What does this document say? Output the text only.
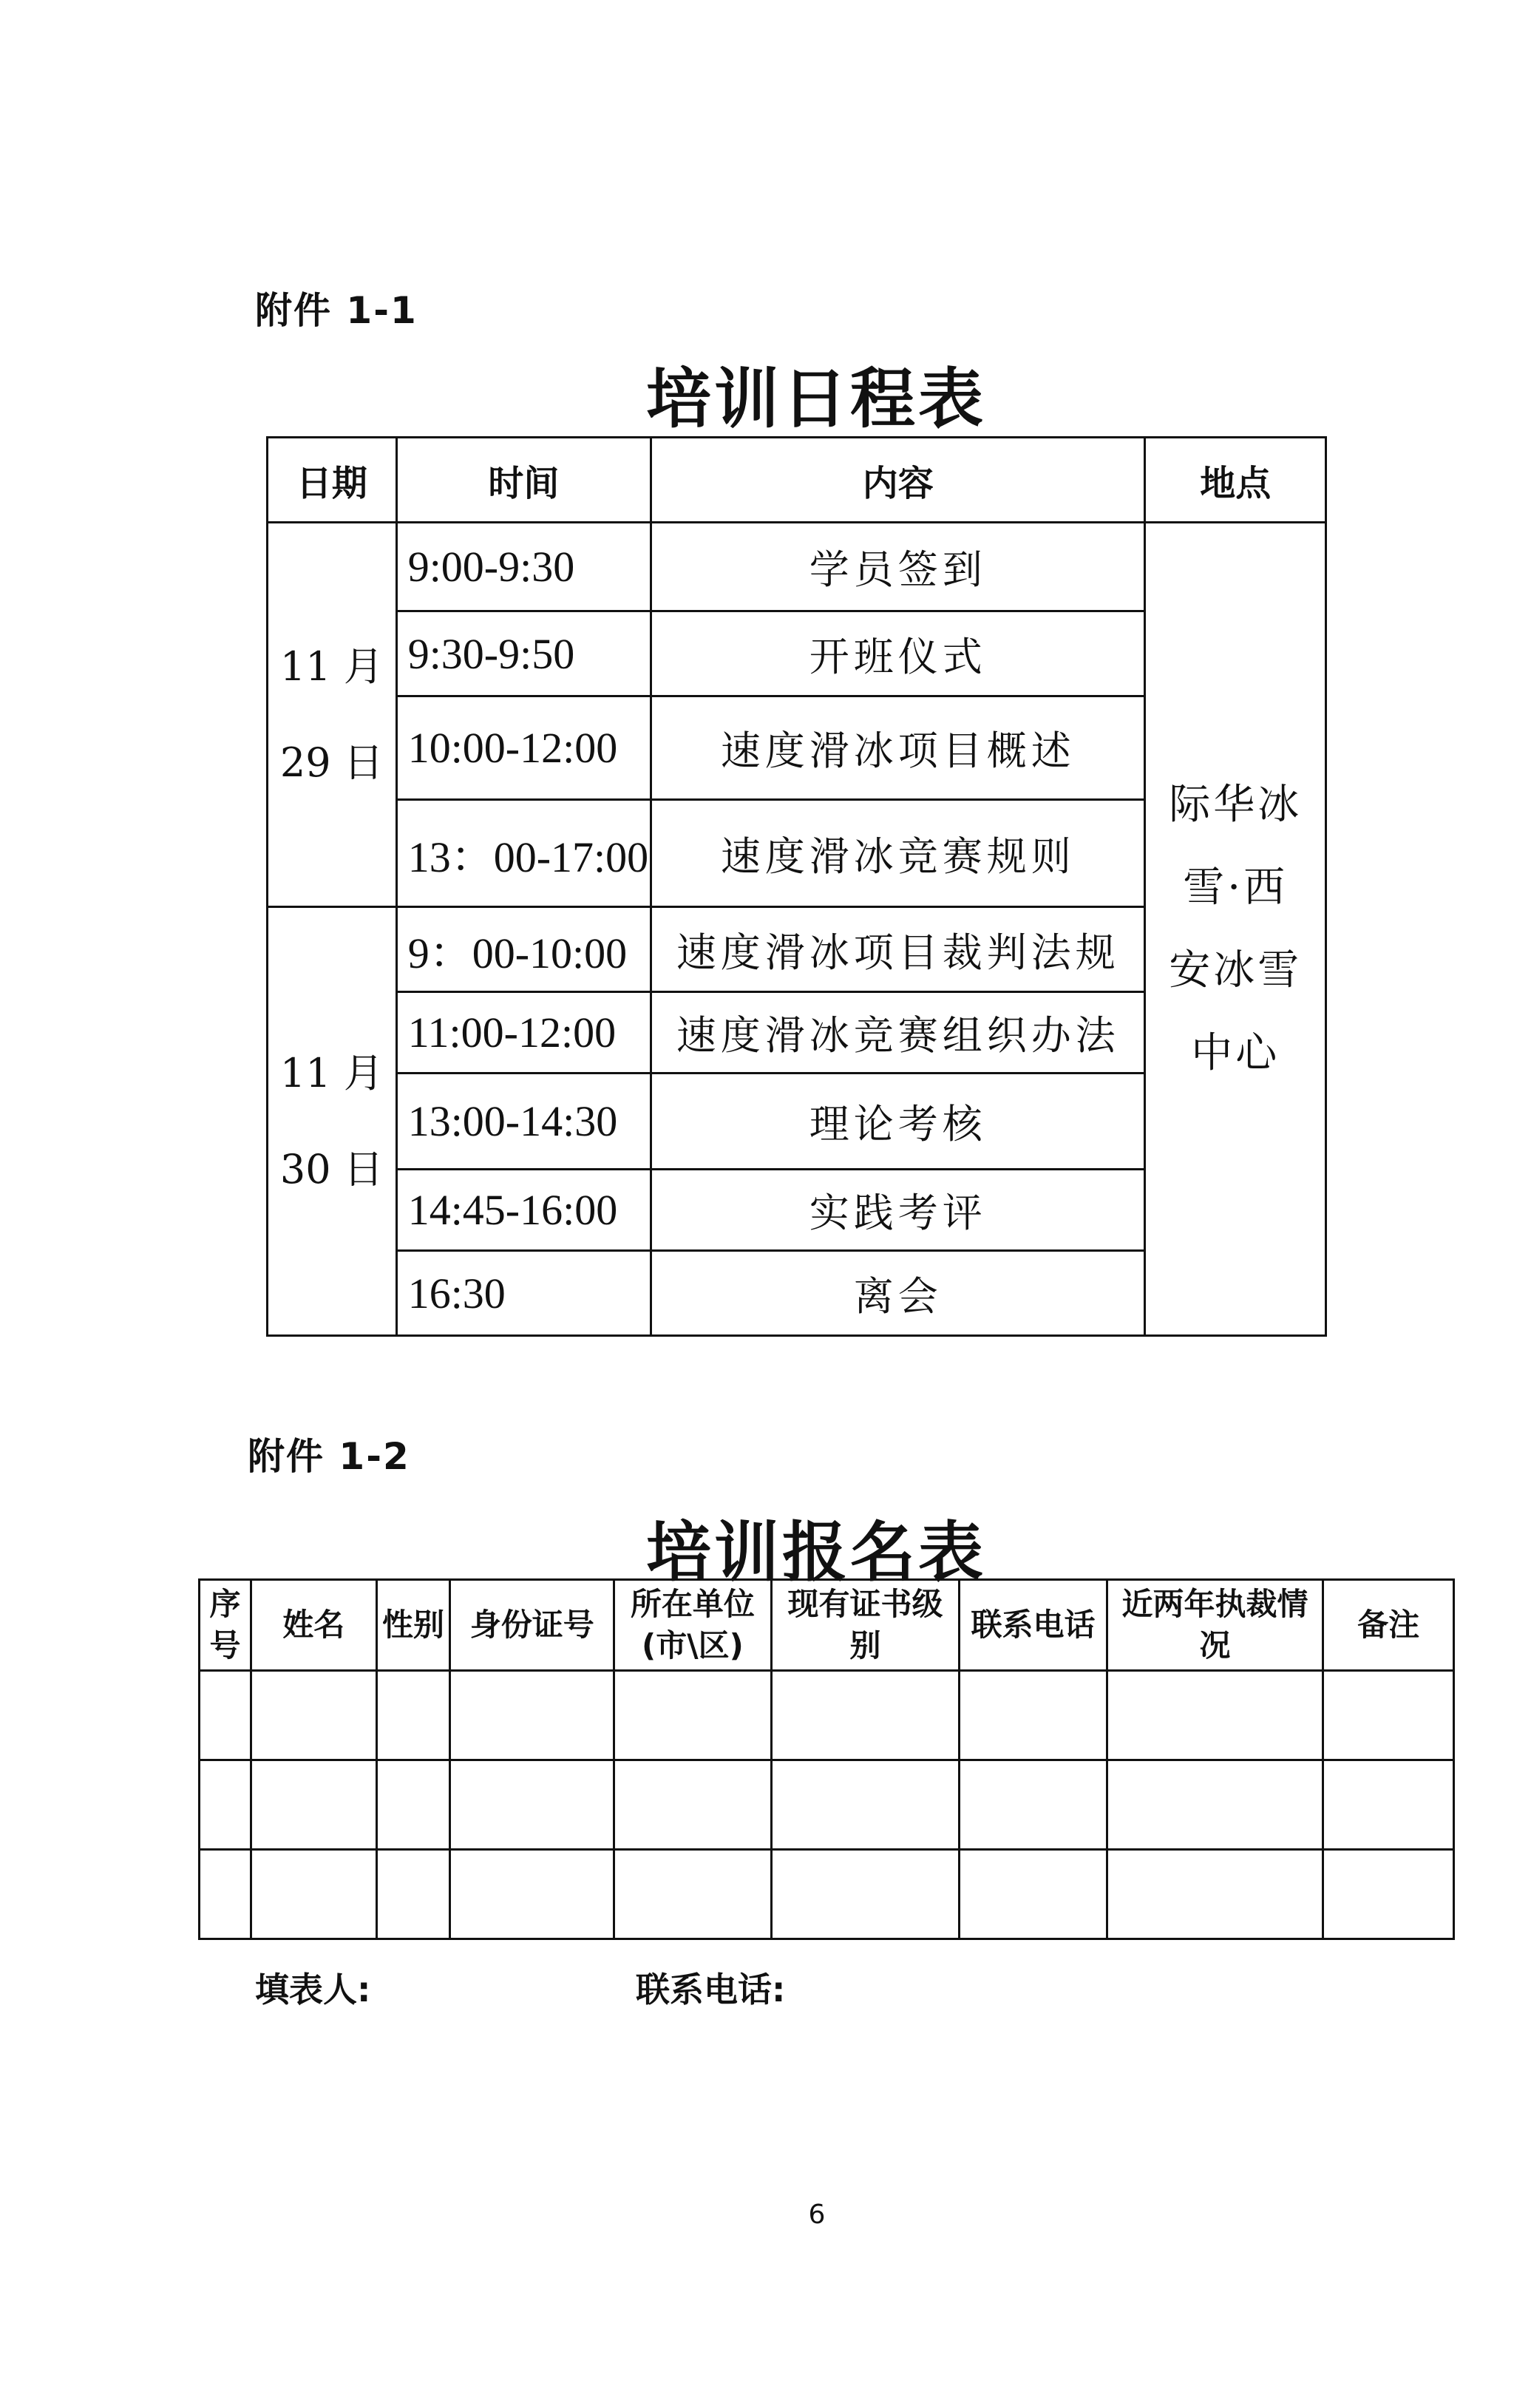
附件 1-1
培训日程表
日期	时间	内容	地点
11 月 29 日	9:00-9:30	学员签到	际华冰雪·西安冰雪中心
	9:30-9:50	开班仪式	
	10:00-12:00	速度滑冰项目概述	
	13：00-17:00	速度滑冰竞赛规则	
11 月 30 日	9：00-10:00	速度滑冰项目裁判法规	
	11:00-12:00	速度滑冰竞赛组织办法	
	13:00-14:30	理论考核	
	14:45-16:00	实践考评	
	16:30	离会	
附件 1-2
培训报名表
序号	姓名	性别	身份证号	所在单位(市\区)	现有证书级别	联系电话	近两年执裁情况	备注

填表人:	联系电话:
6
